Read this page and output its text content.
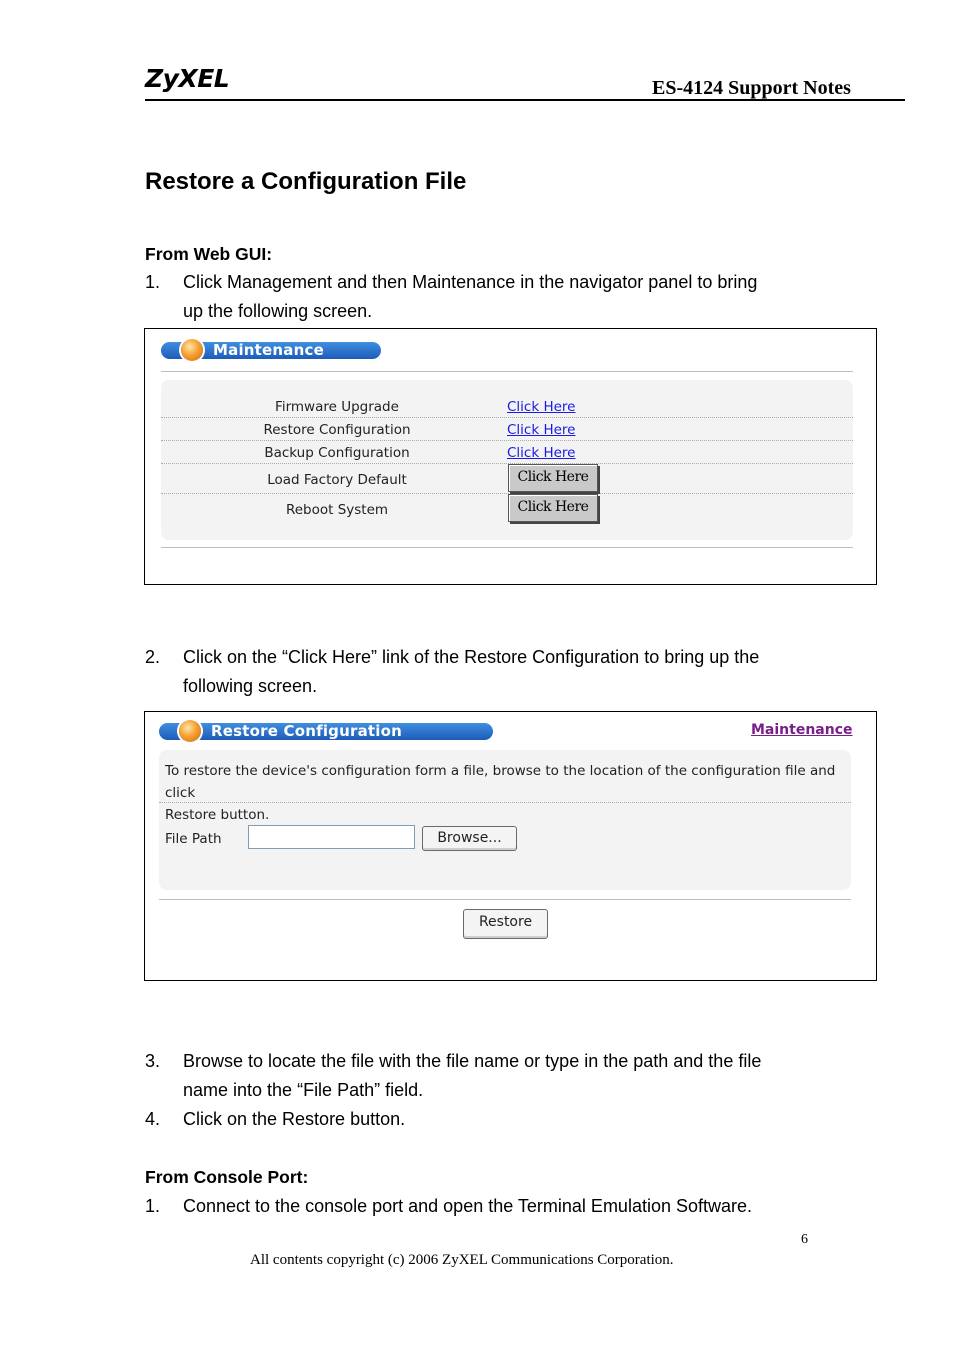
ZyXEL	ES-4124 Support Notes
Restore a Configuration File
From Web GUI:
1. Click Management and then Maintenance in the navigator panel to bring
up the following screen.
Maintenance
Firmware Upgrade	Click Here
Restore Configuration	Click Here
Backup Configuration	Click Here
Load Factory Default	Click Here
Reboot System	Click Here
2. Click on the “Click Here” link of the Restore Configuration to bring up the
following screen.
Restore Configuration	Maintenance
To restore the device's configuration form a file, browse to the location of the configuration file and click
Restore button.
File Path	Browse...
Restore
3. Browse to locate the file with the file name or type in the path and the file
name into the “File Path” field.
4. Click on the Restore button.
From Console Port:
1. Connect to the console port and open the Terminal Emulation Software.
6
All contents copyright (c) 2006 ZyXEL Communications Corporation.
